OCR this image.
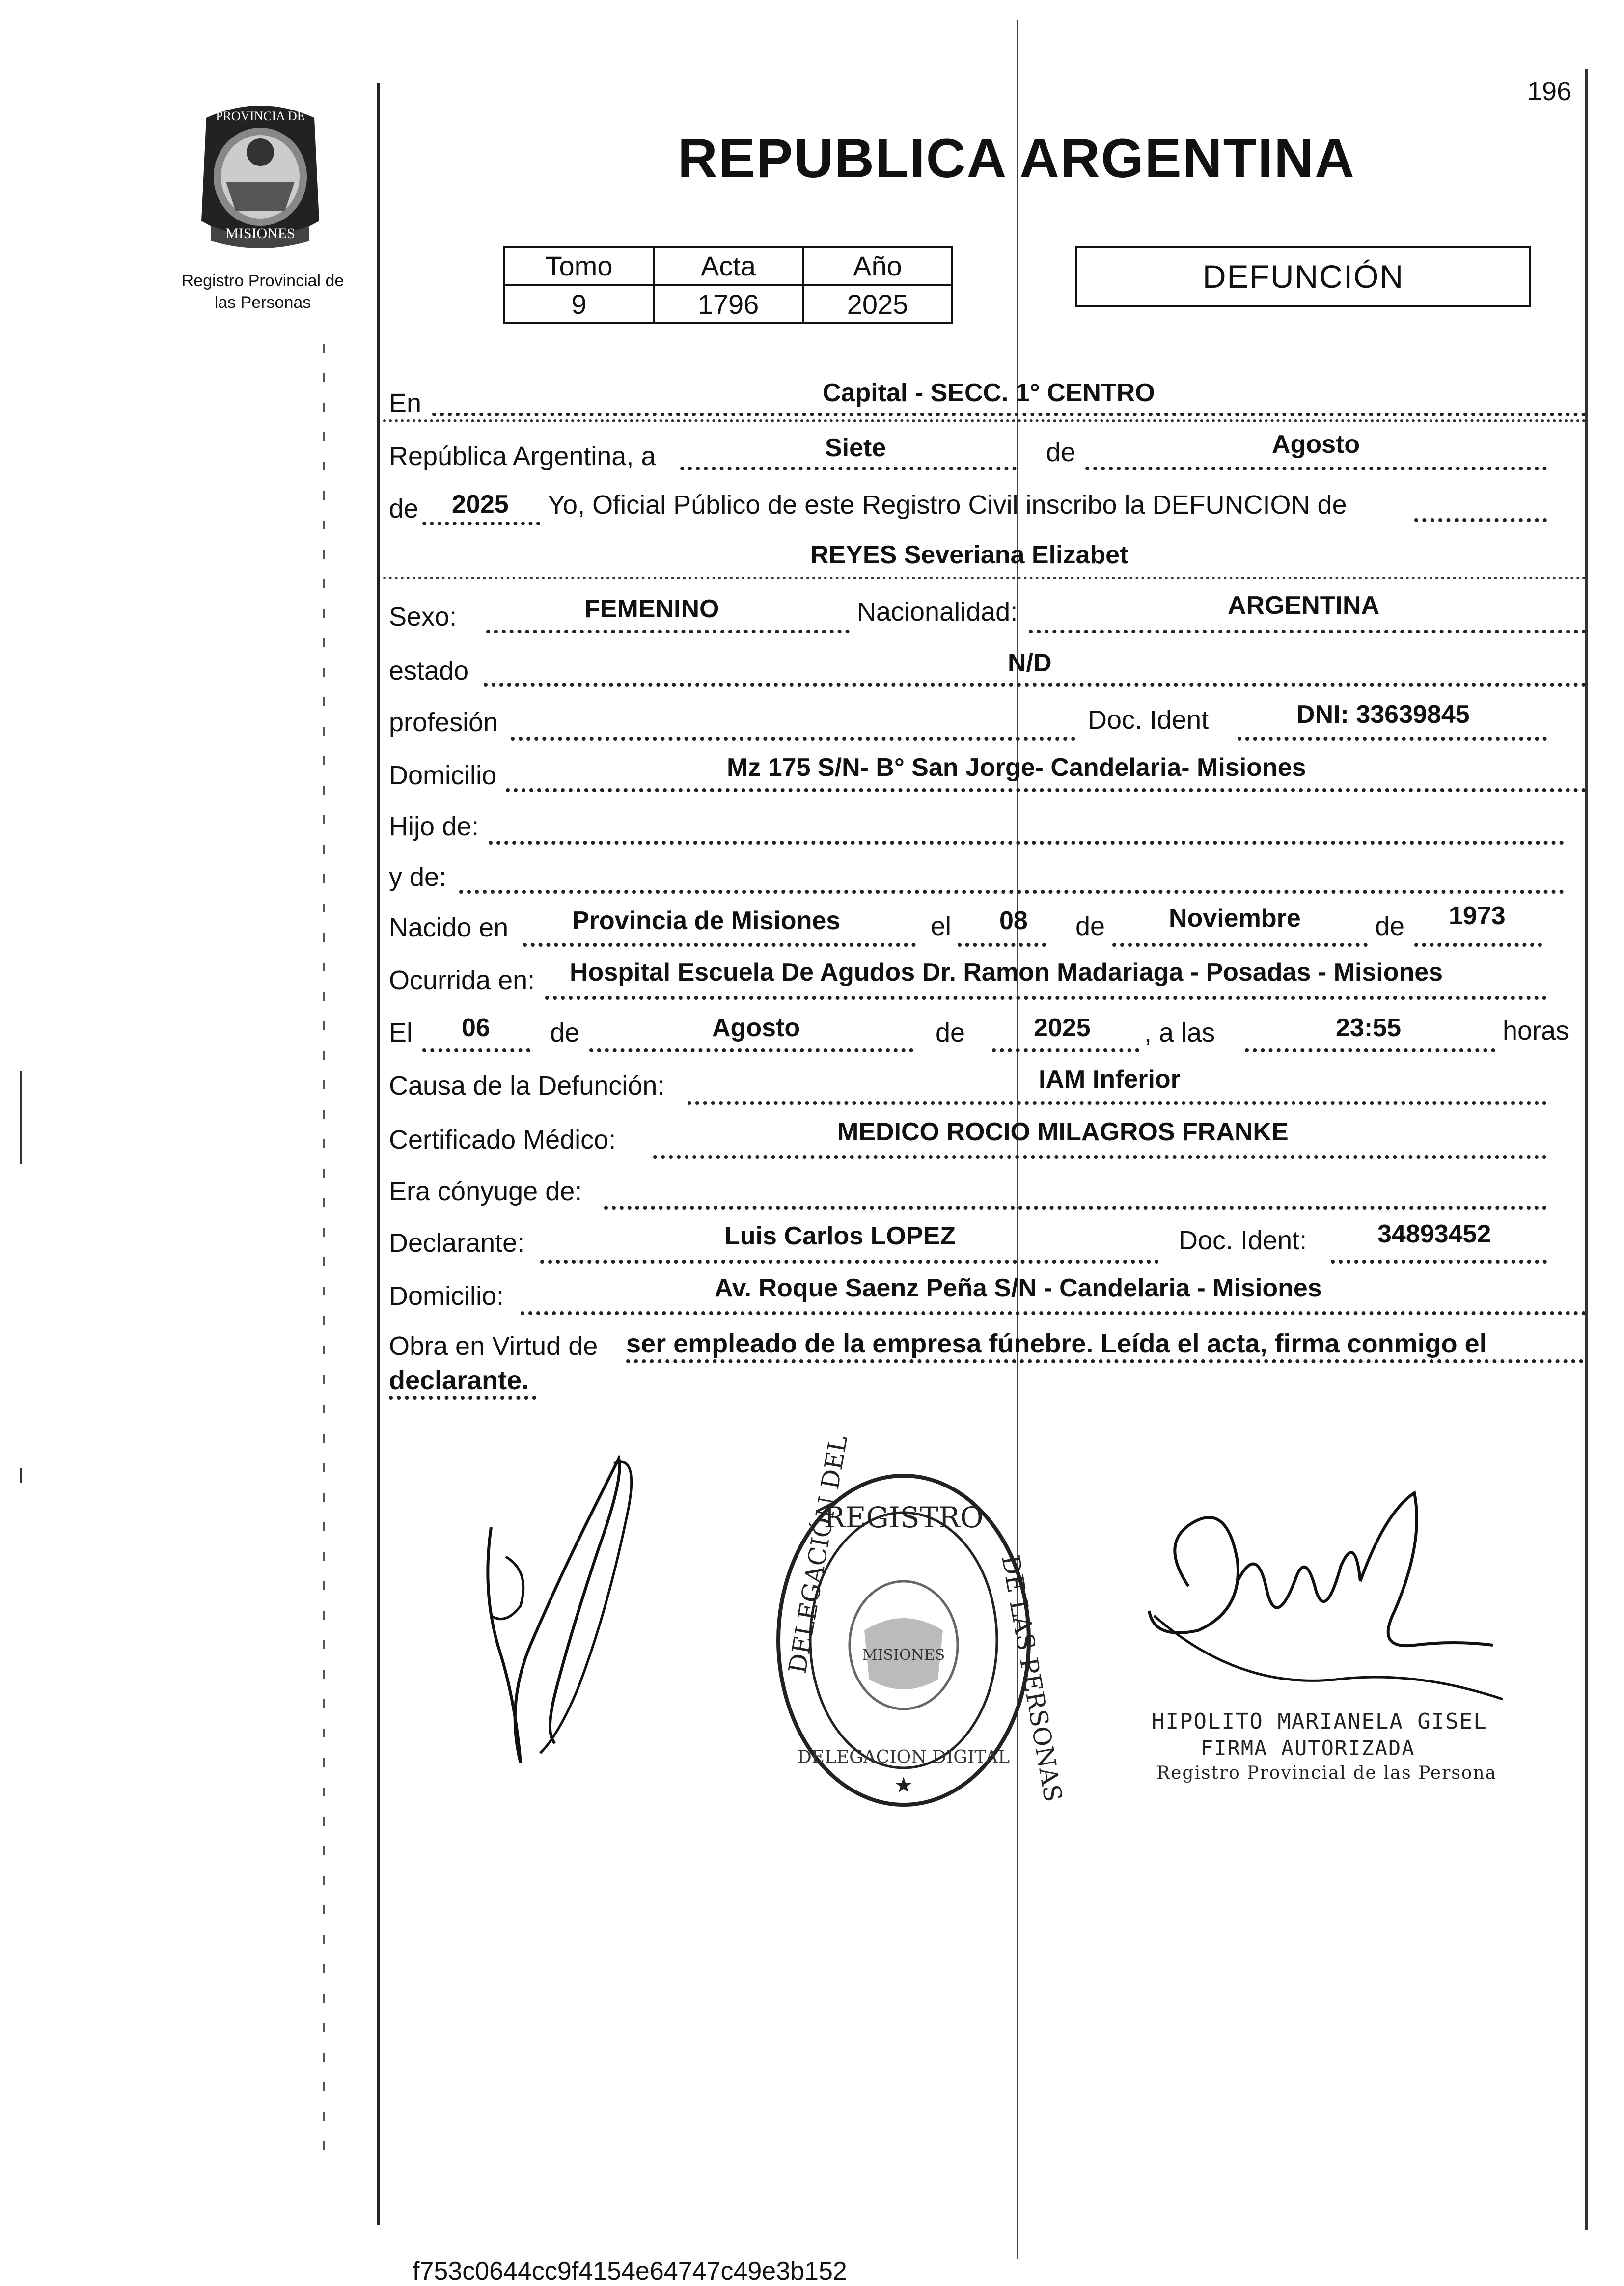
196
REPUBLICA ARGENTINA
MISIONES
PROVINCIA DE
Registro Provincial de
las Personas
Tomo	Acta	Año
9	1796	2025
DEFUNCIÓN
En	Capital - SECC. 1° CENTRO
República Argentina, a	Siete	de	Agosto
de 2025 Yo, Oficial Público de este Registro Civil inscribo la DEFUNCION de
REYES Severiana Elizabet
Sexo:	FEMENINO	Nacionalidad:	ARGENTINA
estado	N/D
profesión	Doc. Ident	DNI: 33639845
Domicilio	Mz 175 S/N- B° San Jorge- Candelaria- Misiones
Hijo de:
y de:
Nacido en Provincia de Misiones	el 08 de Noviembre	de 1973
Ocurrida en: Hospital Escuela De Agudos Dr. Ramon Madariaga - Posadas - Misiones
El 06 de	Agosto	de	2025 , a las	23:55	horas
Causa de la Defunción:	IAM Inferior
Certificado Médico:	MEDICO ROCIO MILAGROS FRANKE
Era cónyuge de:
Declarante:	Luis Carlos LOPEZ	Doc. Ident:	34893452
Domicilio:	Av. Roque Saenz Peña S/N - Candelaria - Misiones
Obra en Virtud de ser empleado de la empresa fúnebre. Leída el acta, firma conmigo el
declarante.
REGISTRO
DELEGACIÓN DEL	DE LAS PERSONAS
DELEGACION DIGITAL
MISIONES
★
HIPOLITO MARIANELA GISEL
FIRMA AUTORIZADA
Registro Provincial de las Persona
f753c0644cc9f4154e64747c49e3b152
